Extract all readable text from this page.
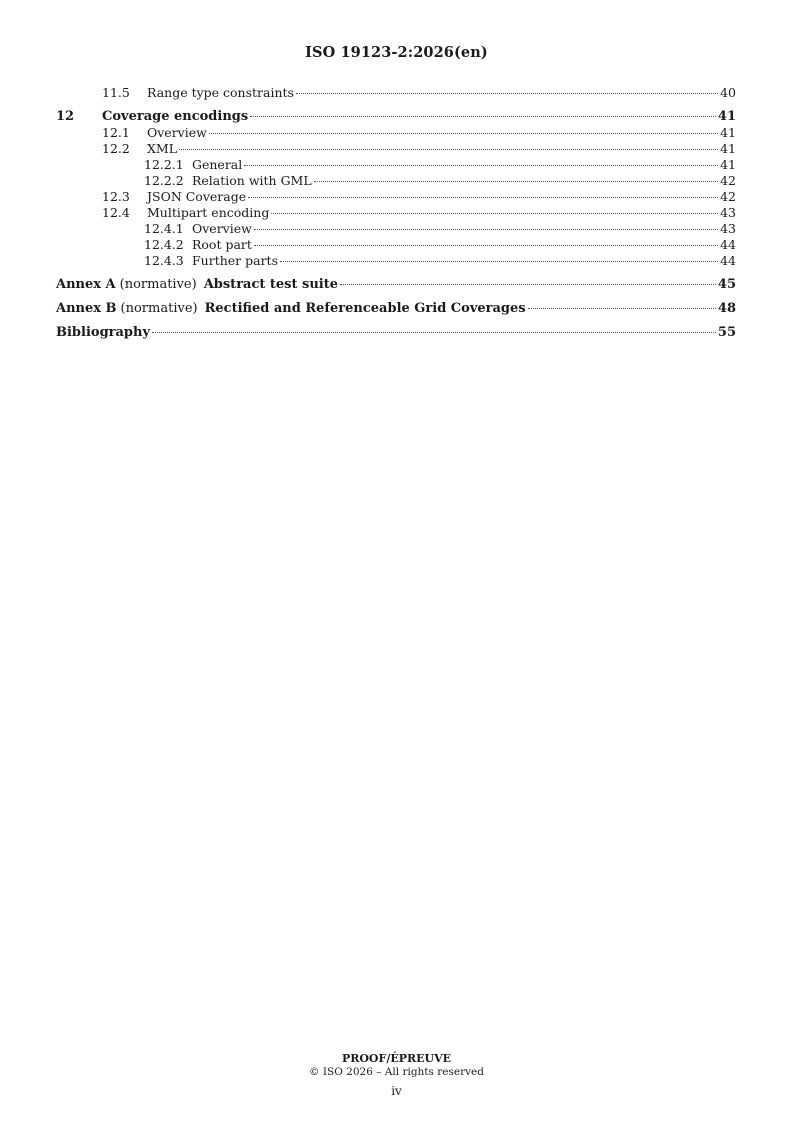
ISO 19123-2:2026(en)
11.5	Range type constraints	40
12	Coverage encodings	41
12.1	Overview	41
12.2	XML	41
12.2.1 General	41
12.2.2 Relation with GML	42
12.3	JSON Coverage	42
12.4	Multipart encoding	43
12.4.1 Overview	43
12.4.2 Root part	44
12.4.3 Further parts	44
Annex A (normative) Abstract test suite	45
Annex B (normative) Rectified and Referenceable Grid Coverages	48
Bibliography	55
PROOF/ÉPREUVE
© ISO 2026 – All rights reserved
iv
